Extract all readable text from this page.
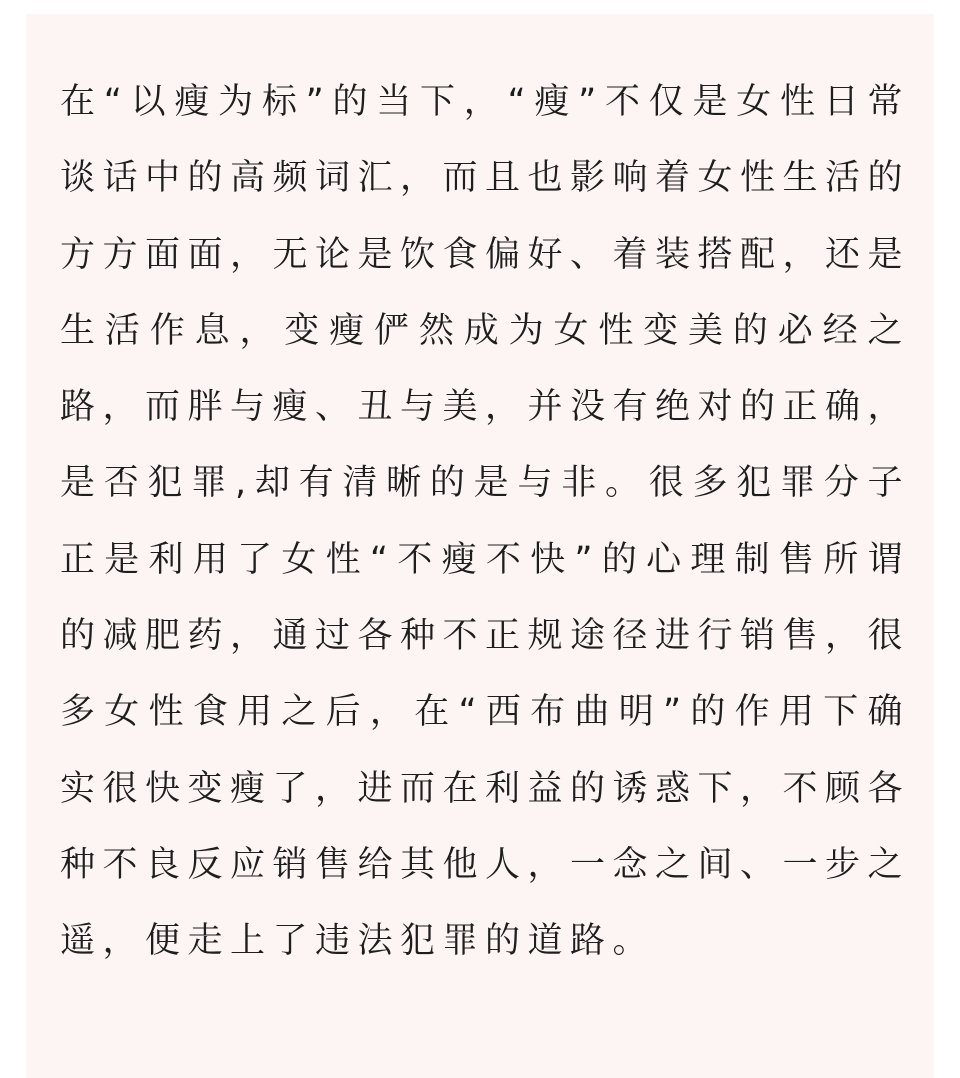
在“以瘦为标”的当下，“瘦”不仅是女性日常谈话中的高频词汇，而且也影响着女性生活的方方面面，无论是饮食偏好、着装搭配，还是生活作息，变瘦俨然成为女性变美的必经之路，而胖与瘦、丑与美，并没有绝对的正确，是否犯罪,却有清晰的是与非。很多犯罪分子正是利用了女性“不瘦不快”的心理制售所谓的减肥药，通过各种不正规途径进行销售，很多女性食用之后，在“西布曲明”的作用下确实很快变瘦了，进而在利益的诱惑下，不顾各种不良反应销售给其他人，一念之间、一步之遥，便走上了违法犯罪的道路。
